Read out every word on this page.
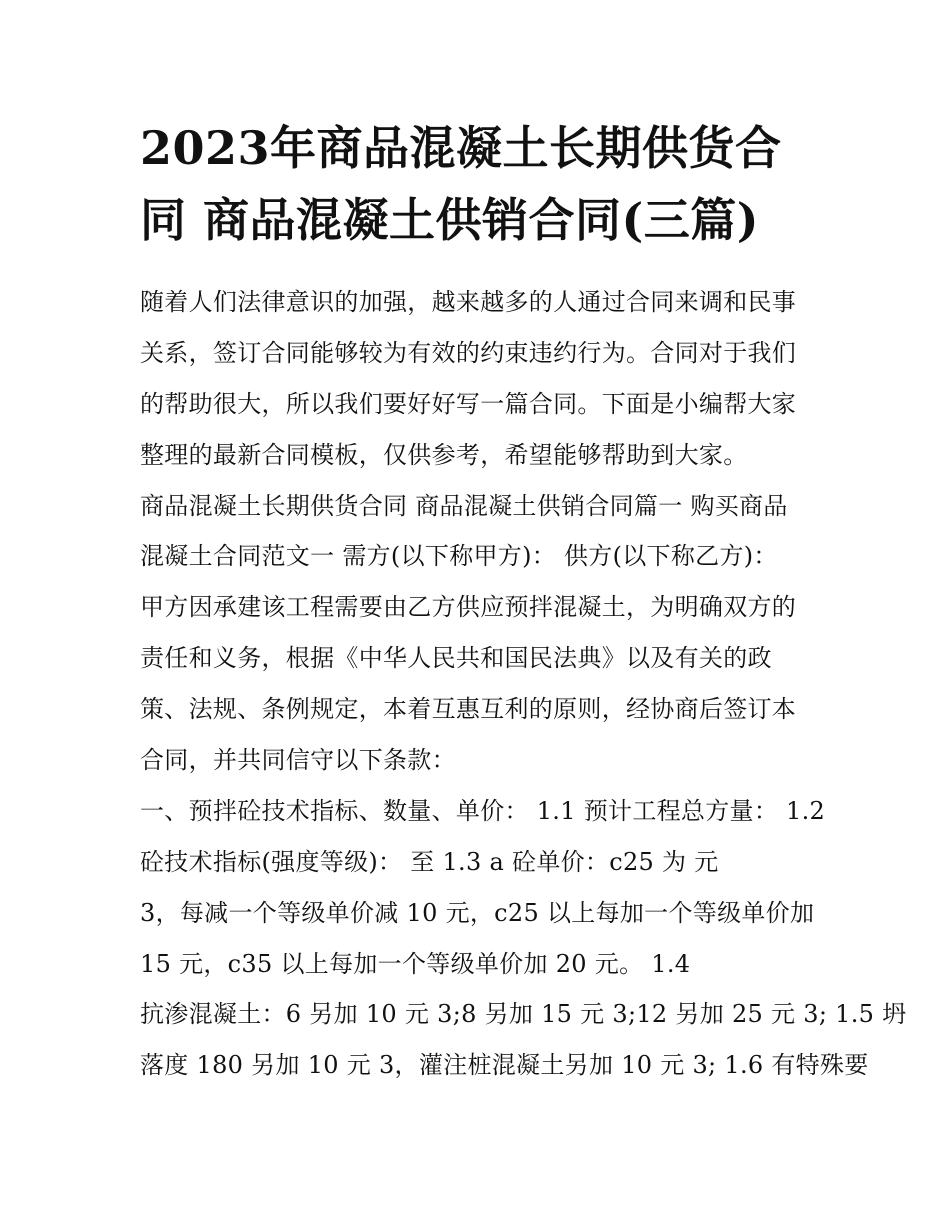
2023年商品混凝土长期供货合
同 商品混凝土供销合同(三篇)
随着人们法律意识的加强，越来越多的人通过合同来调和民事
关系，签订合同能够较为有效的约束违约行为。合同对于我们
的帮助很大，所以我们要好好写一篇合同。下面是小编帮大家
整理的最新合同模板，仅供参考，希望能够帮助到大家。
商品混凝土长期供货合同 商品混凝土供销合同篇一 购买商品
混凝土合同范文一 需方(以下称甲方)： 供方(以下称乙方)：
甲方因承建该工程需要由乙方供应预拌混凝土，为明确双方的
责任和义务，根据《中华人民共和国民法典》以及有关的政
策、法规、条例规定，本着互惠互利的原则，经协商后签订本
合同，并共同信守以下条款：
一、预拌砼技术指标、数量、单价： 1.1 预计工程总方量： 1.2
砼技术指标(强度等级)： 至 1.3 a 砼单价：c25 为 元
3，每减一个等级单价减 10 元，c25 以上每加一个等级单价加
15 元，c35 以上每加一个等级单价加 20 元。 1.4
抗渗混凝土：6 另加 10 元 3;8 另加 15 元 3;12 另加 25 元 3; 1.5 坍
落度 180 另加 10 元 3，灌注桩混凝土另加 10 元 3; 1.6 有特殊要
